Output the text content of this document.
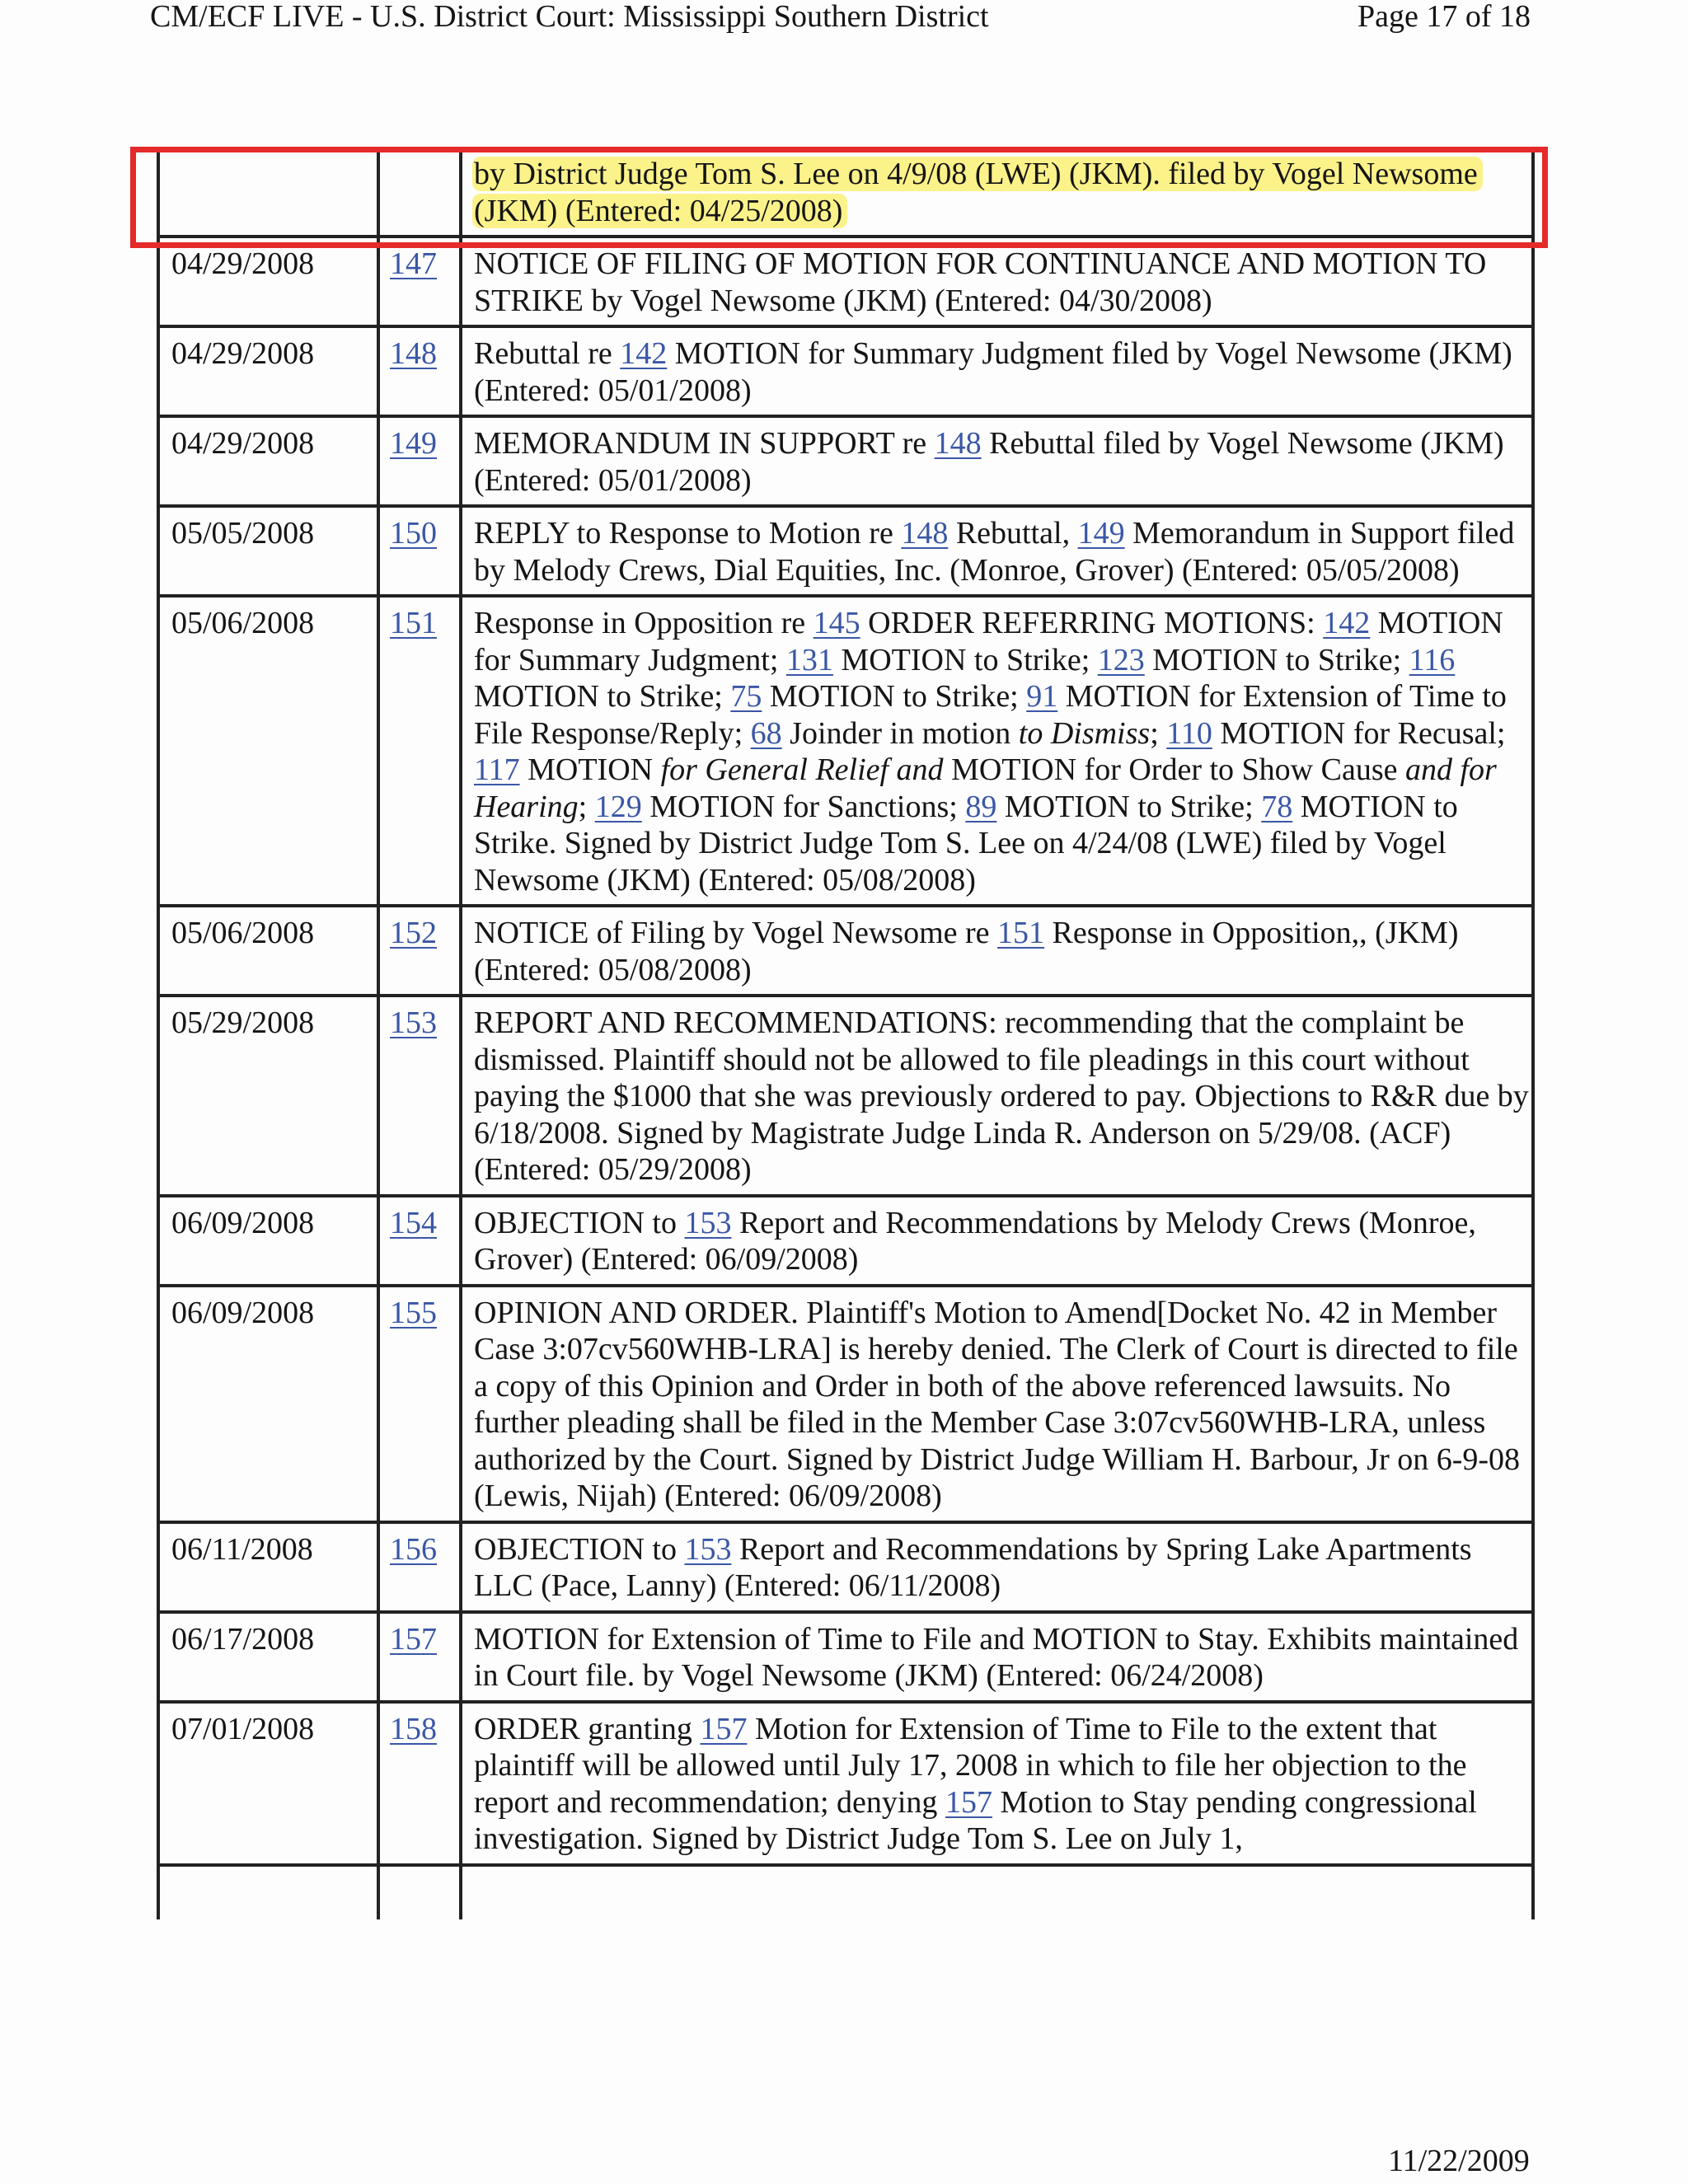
CM/ECF LIVE - U.S. District Court: Mississippi Southern District	Page 17 of 18
		by District Judge Tom S. Lee on 4/9/08 (LWE) (JKM). filed by Vogel Newsome (JKM) (Entered: 04/25/2008)
04/29/2008	147	NOTICE OF FILING OF MOTION FOR CONTINUANCE AND MOTION TO STRIKE by Vogel Newsome (JKM) (Entered: 04/30/2008)
04/29/2008	148	Rebuttal re 142 MOTION for Summary Judgment filed by Vogel Newsome (JKM) (Entered: 05/01/2008)
04/29/2008	149	MEMORANDUM IN SUPPORT re 148 Rebuttal filed by Vogel Newsome (JKM) (Entered: 05/01/2008)
05/05/2008	150	REPLY to Response to Motion re 148 Rebuttal, 149 Memorandum in Support filed by Melody Crews, Dial Equities, Inc. (Monroe, Grover) (Entered: 05/05/2008)
05/06/2008	151	Response in Opposition re 145 ORDER REFERRING MOTIONS: 142 MOTION for Summary Judgment; 131 MOTION to Strike; 123 MOTION to Strike; 116 MOTION to Strike; 75 MOTION to Strike; 91 MOTION for Extension of Time to File Response/Reply; 68 Joinder in motion to Dismiss; 110 MOTION for Recusal; 117 MOTION for General Relief and MOTION for Order to Show Cause and for Hearing; 129 MOTION for Sanctions; 89 MOTION to Strike; 78 MOTION to Strike. Signed by District Judge Tom S. Lee on 4/24/08 (LWE) filed by Vogel Newsome (JKM) (Entered: 05/08/2008)
05/06/2008	152	NOTICE of Filing by Vogel Newsome re 151 Response in Opposition,, (JKM) (Entered: 05/08/2008)
05/29/2008	153	REPORT AND RECOMMENDATIONS: recommending that the complaint be dismissed. Plaintiff should not be allowed to file pleadings in this court without paying the $1000 that she was previously ordered to pay. Objections to R&R due by 6/18/2008. Signed by Magistrate Judge Linda R. Anderson on 5/29/08. (ACF) (Entered: 05/29/2008)
06/09/2008	154	OBJECTION to 153 Report and Recommendations by Melody Crews (Monroe, Grover) (Entered: 06/09/2008)
06/09/2008	155	OPINION AND ORDER. Plaintiff's Motion to Amend[Docket No. 42 in Member Case 3:07cv560WHB-LRA] is hereby denied. The Clerk of Court is directed to file a copy of this Opinion and Order in both of the above referenced lawsuits. No further pleading shall be filed in the Member Case 3:07cv560WHB-LRA, unless authorized by the Court. Signed by District Judge William H. Barbour, Jr on 6-9-08 (Lewis, Nijah) (Entered: 06/09/2008)
06/11/2008	156	OBJECTION to 153 Report and Recommendations by Spring Lake Apartments LLC (Pace, Lanny) (Entered: 06/11/2008)
06/17/2008	157	MOTION for Extension of Time to File and MOTION to Stay. Exhibits maintained in Court file. by Vogel Newsome (JKM) (Entered: 06/24/2008)
07/01/2008	158	ORDER granting 157 Motion for Extension of Time to File to the extent that plaintiff will be allowed until July 17, 2008 in which to file her objection to the report and recommendation; denying 157 Motion to Stay pending congressional investigation. Signed by District Judge Tom S. Lee on July 1,

11/22/2009
